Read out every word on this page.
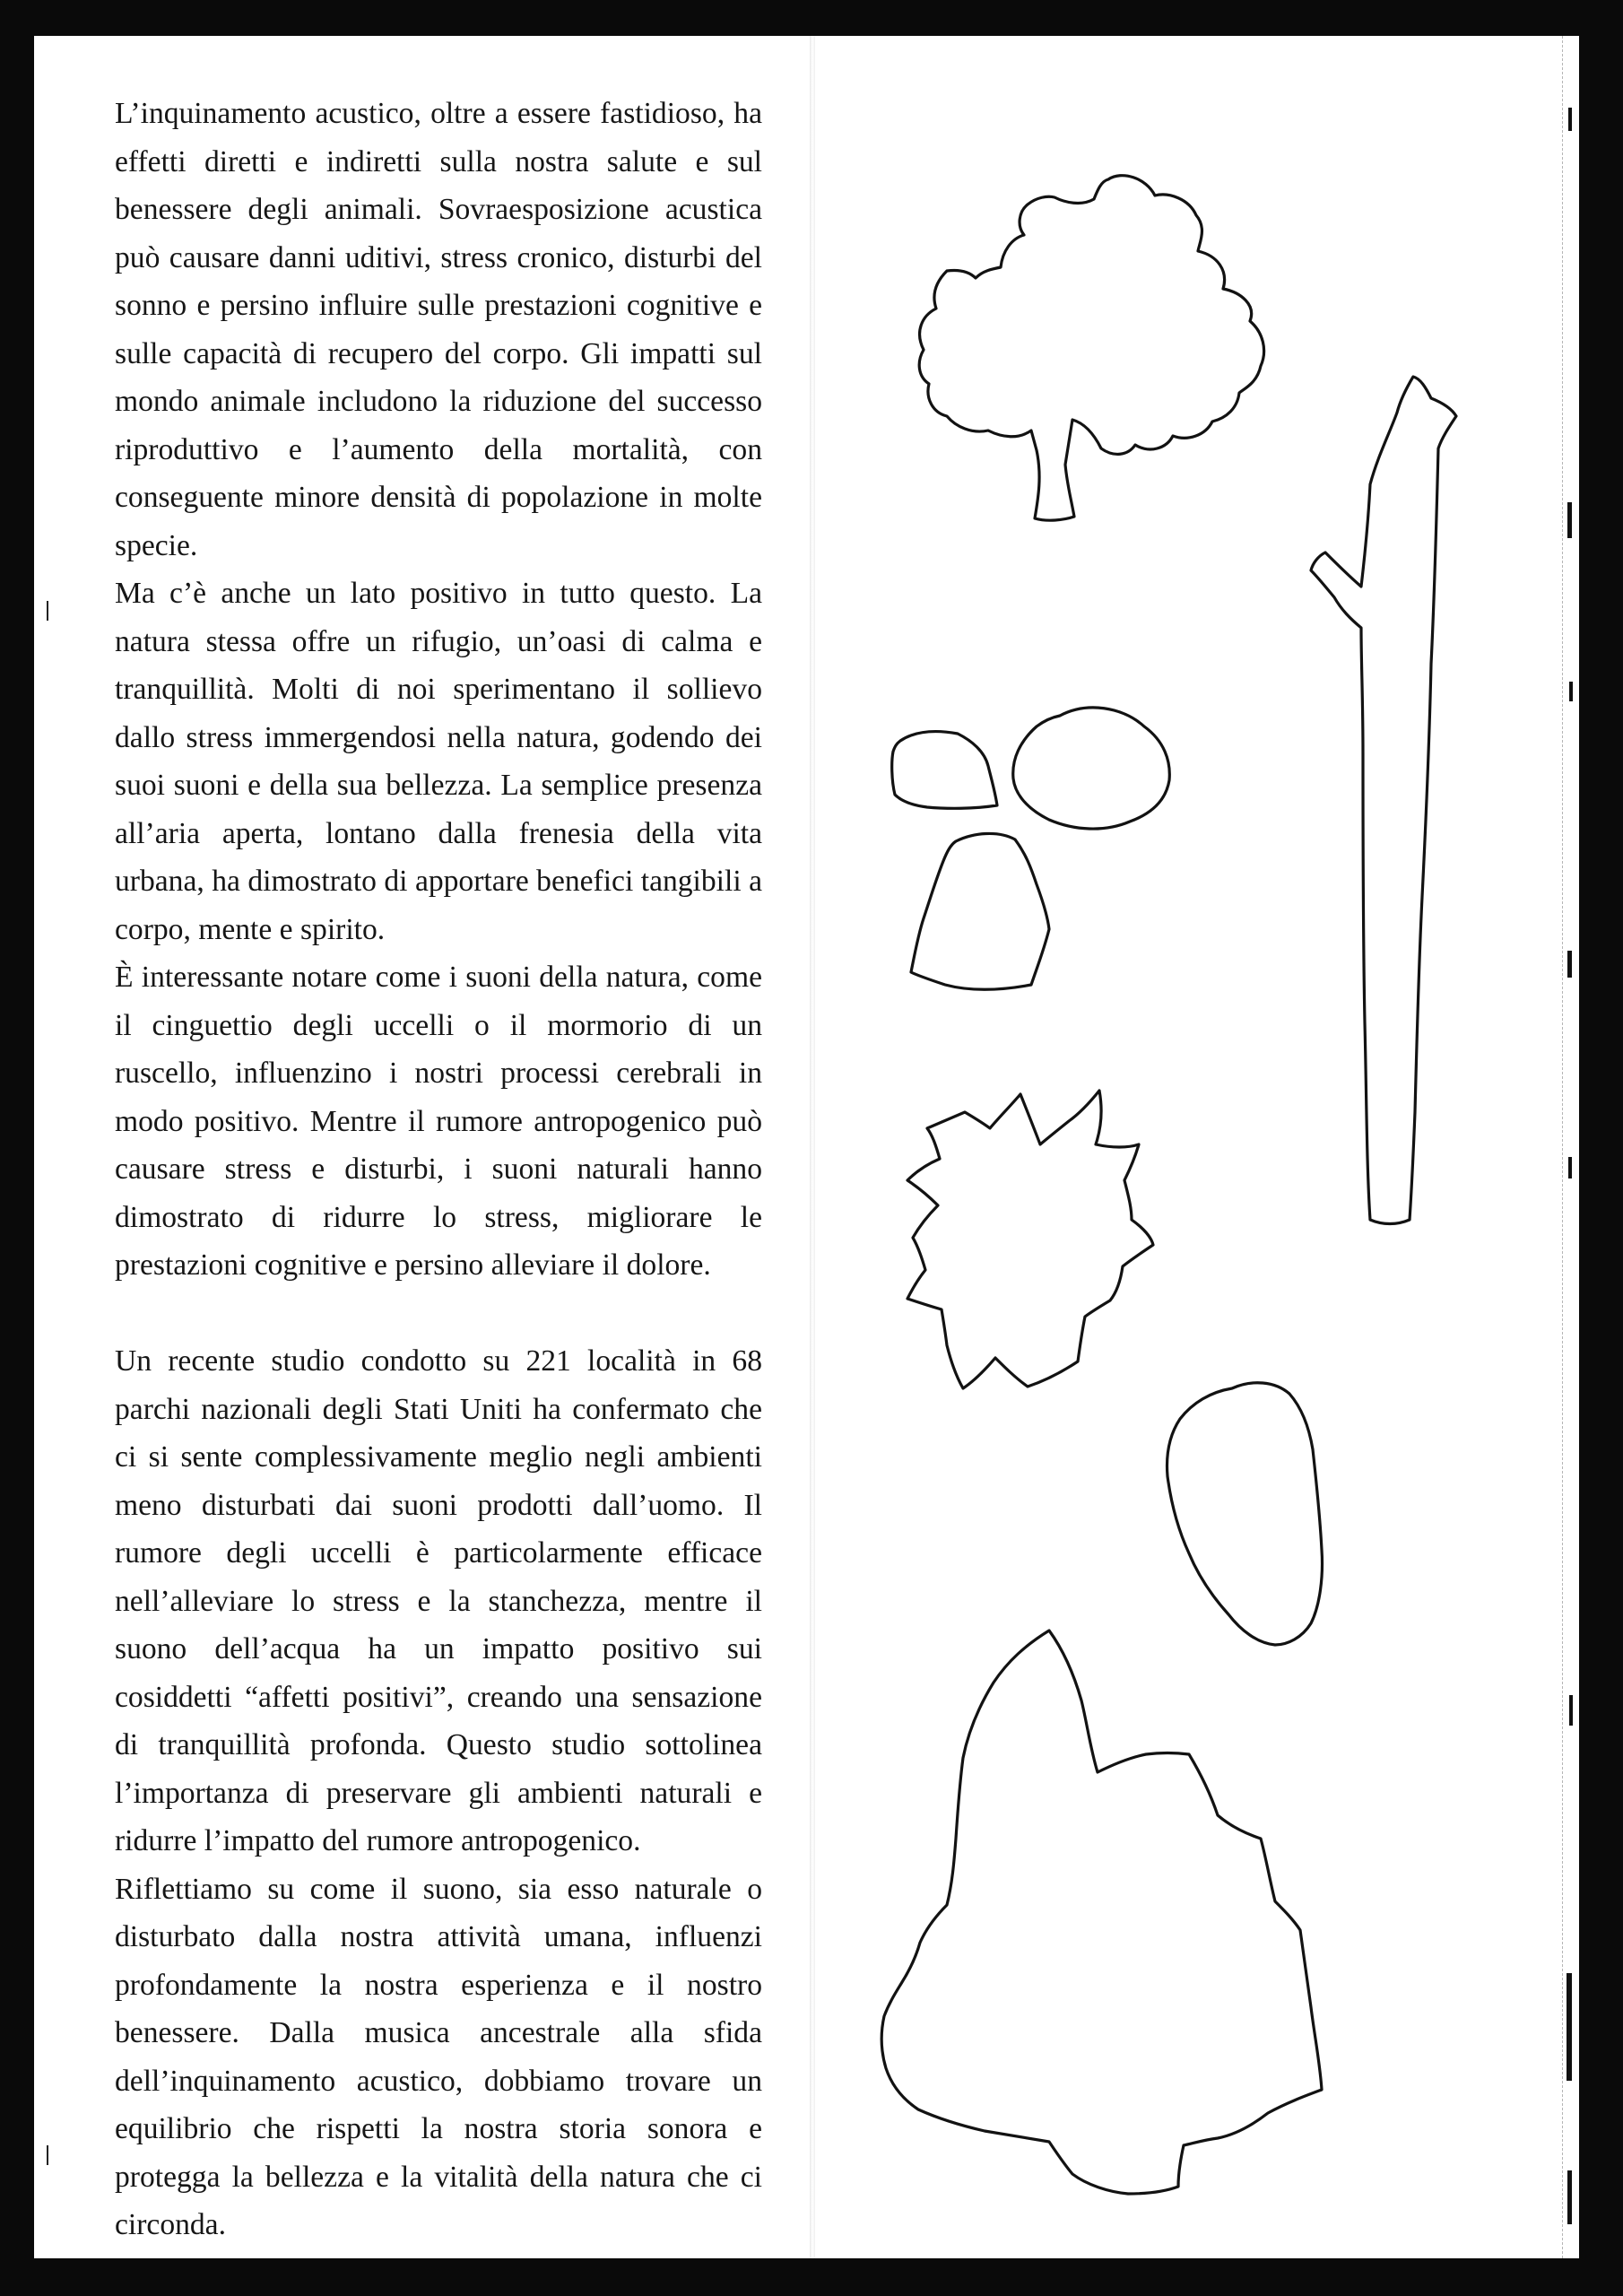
L’inquinamento acustico, oltre a essere fastidioso, ha effetti diretti e indiretti sulla nostra salute e sul benessere degli animali. Sovraesposizione acustica può causare danni uditivi, stress cronico, disturbi del sonno e persino influire sulle prestazioni cognitive e sulle capacità di recupero del corpo. Gli impatti sul mondo animale includono la riduzione del successo riproduttivo e l’aumento della mortalità, con conseguente minore densità di popolazione in molte specie.

Ma c’è anche un lato positivo in tutto questo. La natura stessa offre un rifugio, un’oasi di calma e tranquillità. Molti di noi sperimentano il sollievo dallo stress immergendosi nella natura, godendo dei suoi suoni e della sua bellezza. La semplice presenza all’aria aperta, lontano dalla frenesia della vita urbana, ha dimostrato di apportare benefici tangibili a corpo, mente e spirito.

È interessante notare come i suoni della natura, come il cinguettio degli uccelli o il mormorio di un ruscello, influenzino i nostri processi cerebrali in modo positivo. Mentre il rumore antropogenico può causare stress e disturbi, i suoni naturali hanno dimostrato di ridurre lo stress, migliorare le prestazioni cognitive e persino alleviare il dolore.

Un recente studio condotto su 221 località in 68 parchi nazionali degli Stati Uniti ha confermato che ci si sente complessivamente meglio negli ambienti meno disturbati dai suoni prodotti dall’uomo. Il rumore degli uccelli è particolarmente efficace nell’alleviare lo stress e la stanchezza, mentre il suono dell’acqua ha un impatto positivo sui cosiddetti “affetti positivi”, creando una sensazione di tranquillità profonda. Questo studio sottolinea l’importanza di preservare gli ambienti naturali e ridurre l’impatto del rumore antropogenico.

Riflettiamo su come il suono, sia esso naturale o disturbato dalla nostra attività umana, influenzi profondamente la nostra esperienza e il nostro benessere. Dalla musica ancestrale alla sfida dell’inquinamento acustico, dobbiamo trovare un equilibrio che rispetti la nostra storia sonora e protegga la bellezza e la vitalità della natura che ci circonda.
